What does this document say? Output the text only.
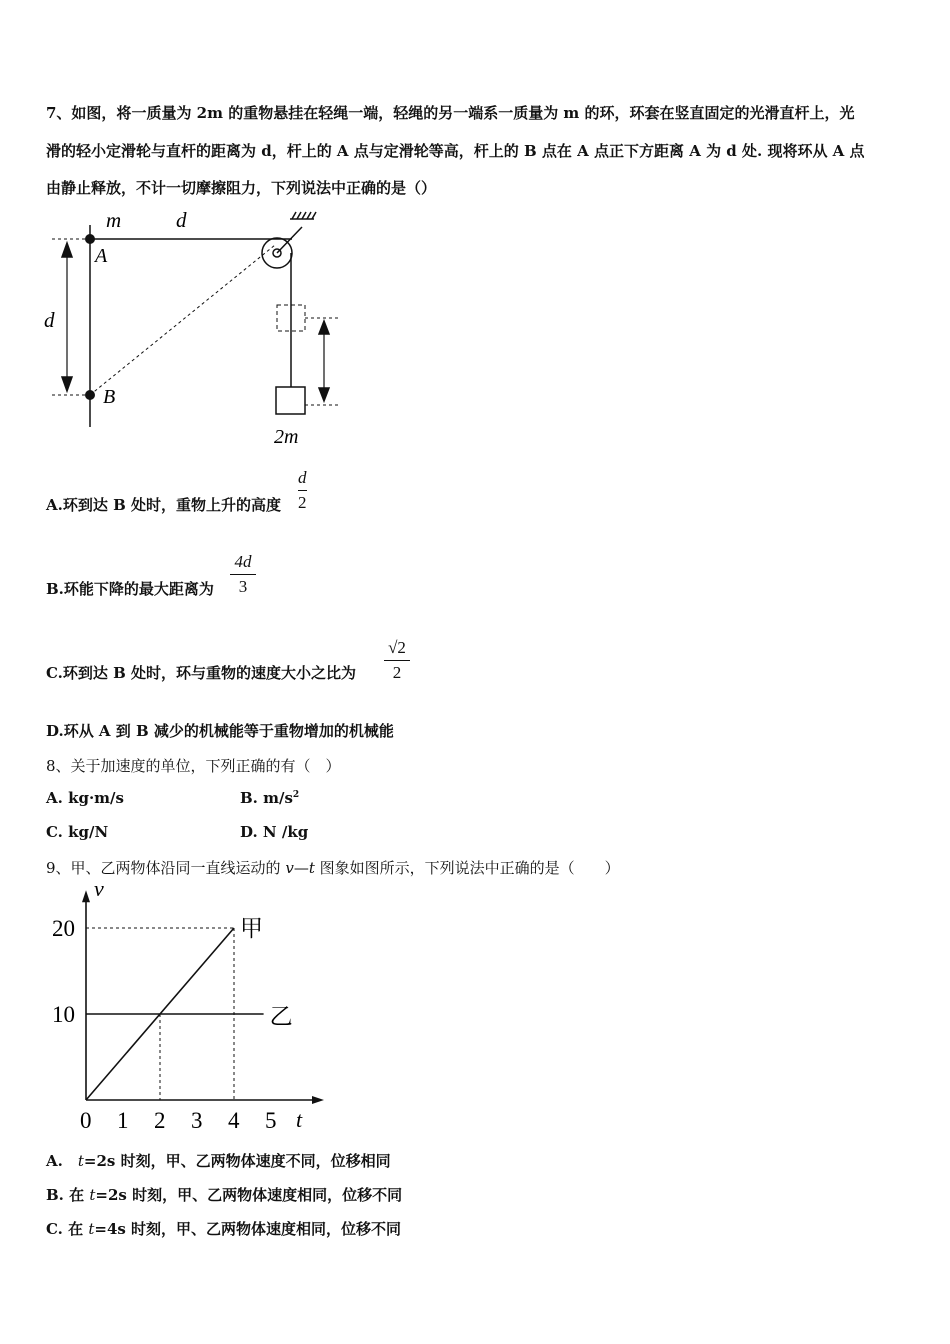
7、如图，将一质量为 2m 的重物悬挂在轻绳一端，轻绳的另一端系一质量为 m 的环，环套在竖直固定的光滑直杆上，光
滑的轻小定滑轮与直杆的距离为 d，杆上的 A 点与定滑轮等高，杆上的 B 点在 A 点正下方距离 A 为 d 处. 现将环从 A 点
由静止释放，不计一切摩擦阻力，下列说法中正确的是（）
m	d
A
d
B
2m
A.环到达 B 处时，重物上升的高度
d
2
B.环能下降的最大距离为
4d
3
C.环到达 B 处时，环与重物的速度大小之比为
√2
2
D.环从 A 到 B 减少的机械能等于重物增加的机械能
8、关于加速度的单位，下列正确的有（　）
A. kg·m/s	B. $m/s^2$
C. kg/N	D. N /kg
9、甲、乙两物体沿同一直线运动的 v—t 图象如图所示，下列说法中正确的是（　　）
t
v
0 1 2 3 4 5
20
10
甲
乙
A.　t=2s 时刻，甲、乙两物体速度不同，位移相同
B. 在 t=2s 时刻，甲、乙两物体速度相同，位移不同
C. 在 t=4s 时刻，甲、乙两物体速度相同，位移不同
